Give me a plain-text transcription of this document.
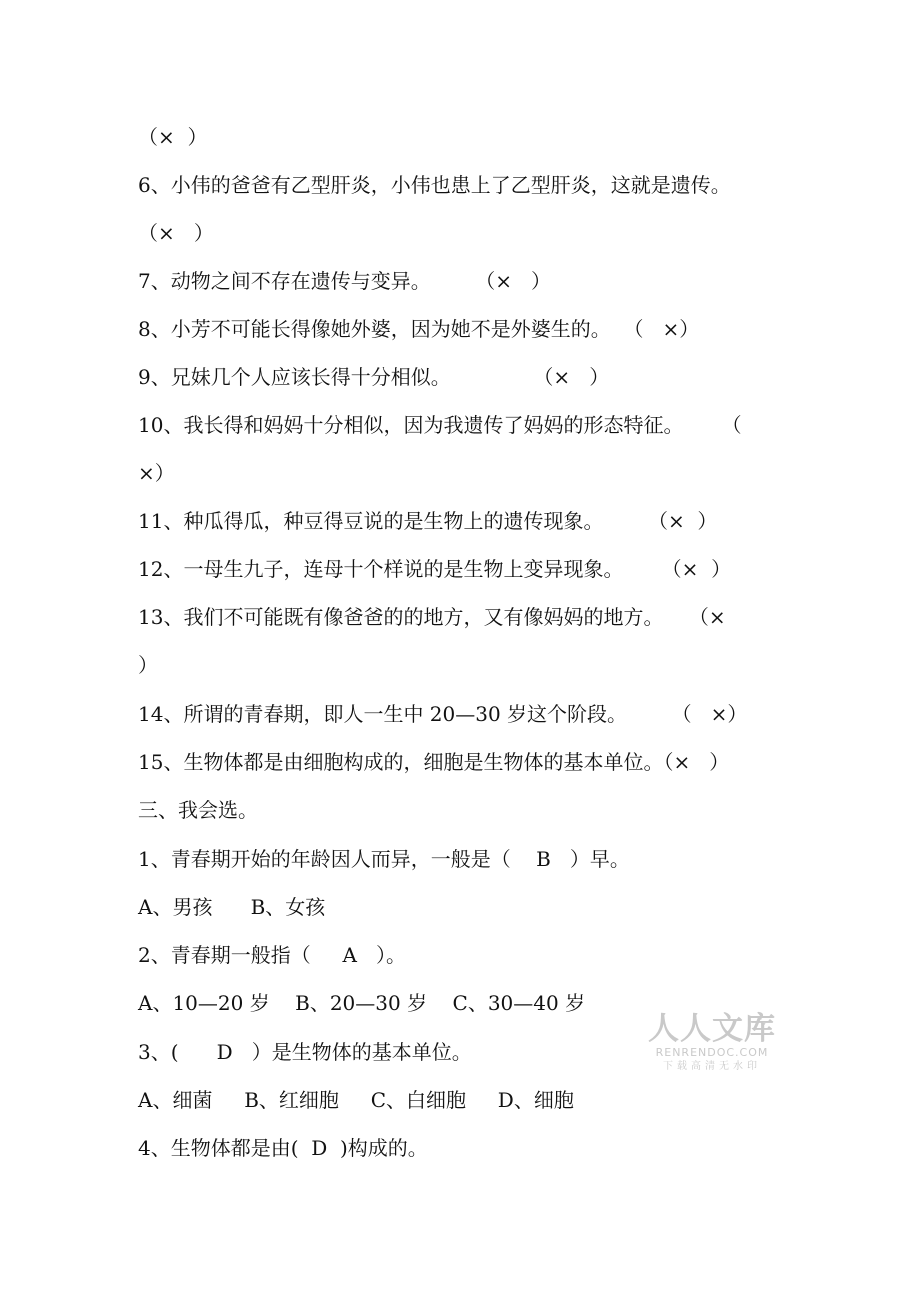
（×  ）
6、小伟的爸爸有乙型肝炎，小伟也患上了乙型肝炎，这就是遗传。
（×   ）
7、动物之间不存在遗传与变异。       （×   ）
8、小芳不可能长得像她外婆，因为她不是外婆生的。  （   ×）
9、兄妹几个人应该长得十分相似。             （×   ）
10、我长得和妈妈十分相似，因为我遗传了妈妈的形态特征。      （
×）
11、种瓜得瓜，种豆得豆说的是生物上的遗传现象。       （×  ）
12、一母生九子，连母十个样说的是生物上变异现象。      （×  ）
13、我们不可能既有像爸爸的的地方，又有像妈妈的地方。    （×
）
14、所谓的青春期，即人一生中 20—30 岁这个阶段。       （   ×）
15、生物体都是由细胞构成的，细胞是生物体的基本单位。（×   ）
三、我会选。
1、青春期开始的年龄因人而异，一般是（    B   ）早。
A、男孩      B、女孩
2、青春期一般指（     A   ）。
A、10—20 岁    B、20—30 岁    C、30—40 岁
3、(      D   ）是生物体的基本单位。
A、细菌     B、红细胞     C、白细胞     D、细胞
4、生物体都是由(  D  )构成的。
人人文库
RENRENDOC.COM
下载高清无水印
